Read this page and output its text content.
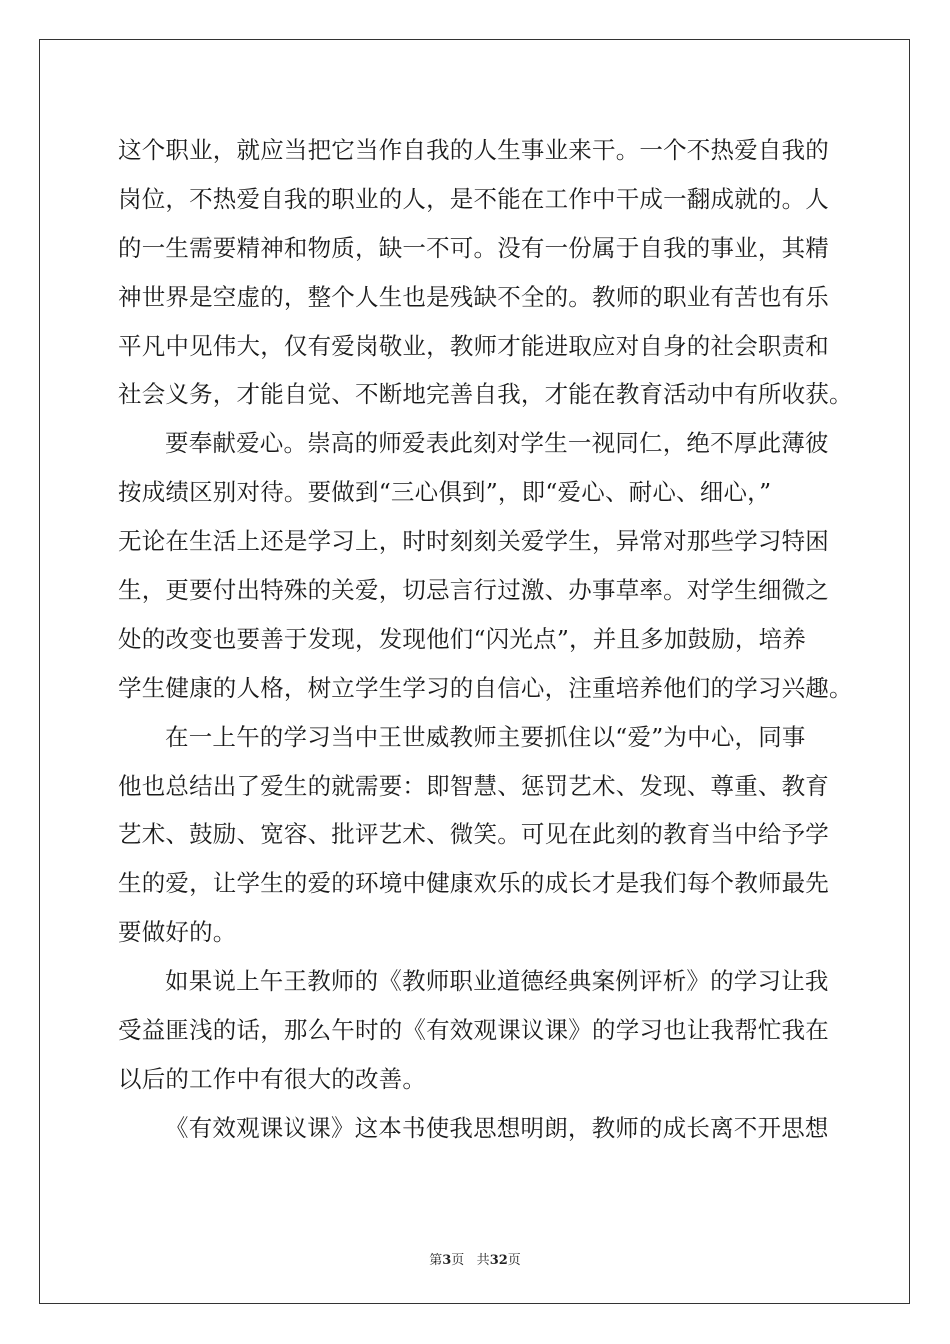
这个职业，就应当把它当作自我的人生事业来干。一个不热爱自我的
岗位，不热爱自我的职业的人，是不能在工作中干成一翻成就的。人
的一生需要精神和物质，缺一不可。没有一份属于自我的事业，其精
神世界是空虚的，整个人生也是残缺不全的。教师的职业有苦也有乐
平凡中见伟大，仅有爱岗敬业，教师才能进取应对自身的社会职责和
社会义务，才能自觉、不断地完善自我，才能在教育活动中有所收获。
要奉献爱心。崇高的师爱表此刻对学生一视同仁，绝不厚此薄彼
按成绩区别对待。要做到“三心俱到”，即“爱心、耐心、细心，”
无论在生活上还是学习上，时时刻刻关爱学生，异常对那些学习特困
生，更要付出特殊的关爱，切忌言行过激、办事草率。对学生细微之
处的改变也要善于发现，发现他们“闪光点”，并且多加鼓励，培养
学生健康的人格，树立学生学习的自信心，注重培养他们的学习兴趣。
在一上午的学习当中王世威教师主要抓住以“爱”为中心，同事
他也总结出了爱生的就需要：即智慧、惩罚艺术、发现、尊重、教育
艺术、鼓励、宽容、批评艺术、微笑。可见在此刻的教育当中给予学
生的爱，让学生的爱的环境中健康欢乐的成长才是我们每个教师最先
要做好的。
如果说上午王教师的《教师职业道德经典案例评析》的学习让我
受益匪浅的话，那么午时的《有效观课议课》的学习也让我帮忙我在
以后的工作中有很大的改善。
《有效观课议课》这本书使我思想明朗，教师的成长离不开思想
第3页 共32页
